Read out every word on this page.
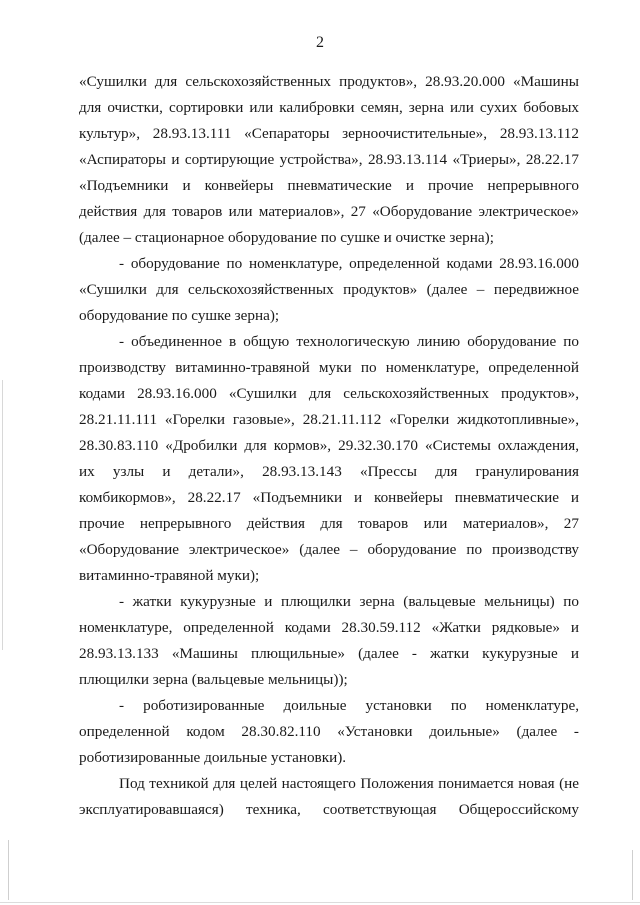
2
«Сушилки для сельскохозяйственных продуктов», 28.93.20.000 «Машины
для очистки, сортировки или калибровки семян, зерна или сухих бобовых
культур», 28.93.13.111 «Сепараторы зерноочистительные», 28.93.13.112
«Аспираторы и сортирующие устройства», 28.93.13.114 «Триеры», 28.22.17
«Подъемники и конвейеры пневматические и прочие непрерывного
действия для товаров или материалов», 27 «Оборудование электрическое»
(далее – стационарное оборудование по сушке и очистке зерна);
- оборудование по номенклатуре, определенной кодами 28.93.16.000
«Сушилки для сельскохозяйственных продуктов» (далее – передвижное
оборудование по сушке зерна);
- объединенное в общую технологическую линию оборудование по
производству витаминно-травяной муки по номенклатуре, определенной
кодами 28.93.16.000 «Сушилки для сельскохозяйственных продуктов»,
28.21.11.111 «Горелки газовые», 28.21.11.112 «Горелки жидкотопливные»,
28.30.83.110 «Дробилки для кормов», 29.32.30.170 «Системы охлаждения,
их узлы и детали», 28.93.13.143 «Прессы для гранулирования
комбикормов», 28.22.17 «Подъемники и конвейеры пневматические и
прочие непрерывного действия для товаров или материалов», 27
«Оборудование электрическое» (далее – оборудование по производству
витаминно-травяной муки);
- жатки кукурузные и плющилки зерна (вальцевые мельницы) по
номенклатуре, определенной кодами 28.30.59.112 «Жатки рядковые» и
28.93.13.133 «Машины плющильные» (далее - жатки кукурузные и
плющилки зерна (вальцевые мельницы));
- роботизированные доильные установки по номенклатуре,
определенной кодом 28.30.82.110 «Установки доильные» (далее -
роботизированные доильные установки).
Под техникой для целей настоящего Положения понимается новая (не
эксплуатировавшаяся) техника, соответствующая Общероссийскому
